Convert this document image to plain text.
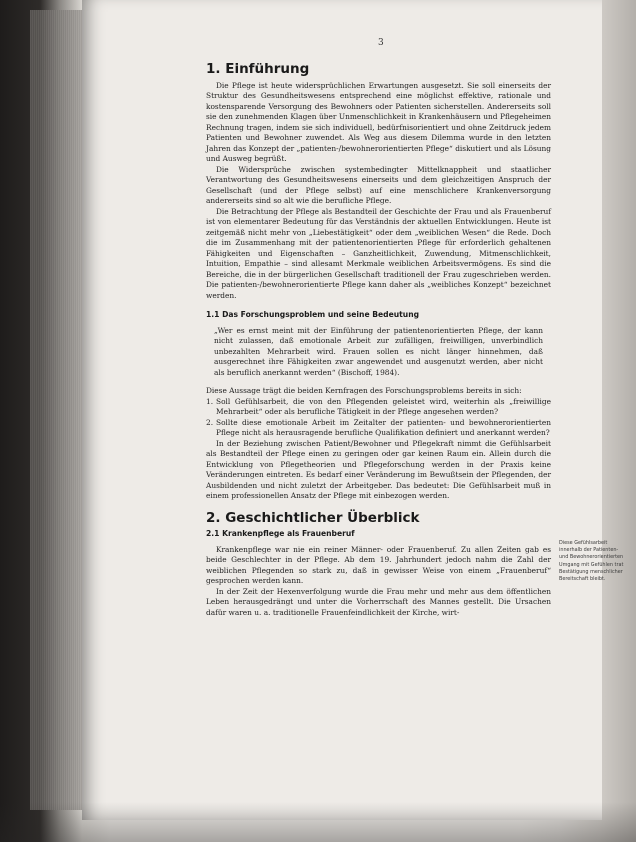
3
1. Einführung

Die Pflege ist heute widersprüchlichen Erwartungen ausgesetzt. Sie soll einerseits der Struktur des Gesundheitswesens entsprechend eine möglichst effektive, rationale und kostensparende Versorgung des Bewohners oder Patienten sicherstellen. Andererseits soll sie den zunehmenden Klagen über Unmenschlichkeit in Krankenhäusern und Pflegeheimen Rechnung tragen, indem sie sich individuell, bedürfnisorientiert und ohne Zeitdruck jedem Patienten und Bewohner zuwendet. Als Weg aus diesem Dilemma wurde in den letzten Jahren das Konzept der „patienten-/bewohnerorientierten Pflege“ diskutiert und als Lösung und Ausweg begrüßt.

Die Widersprüche zwischen systembedingter Mittelknappheit und staatlicher Verantwortung des Gesundheitswesens einerseits und dem gleichzeitigen Anspruch der Gesellschaft (und der Pflege selbst) auf eine menschlichere Krankenversorgung andererseits sind so alt wie die berufliche Pflege.

Die Betrachtung der Pflege als Bestandteil der Geschichte der Frau und als Frauenberuf ist von elementarer Bedeutung für das Verständnis der aktuellen Entwicklungen. Heute ist zeitgemäß nicht mehr von „Liebestätigkeit“ oder dem „weiblichen Wesen“ die Rede. Doch die im Zusammenhang mit der patientenorientierten Pflege für erforderlich gehaltenen Fähigkeiten und Eigenschaften – Ganzheitlichkeit, Zuwendung, Mitmenschlichkeit, Intuition, Empathie – sind allesamt Merkmale weiblichen Arbeitsvermögens. Es sind die Bereiche, die in der bürgerlichen Gesellschaft traditionell der Frau zugeschrieben werden. Die patienten-/bewohnerorientierte Pflege kann daher als „weibliches Konzept“ bezeichnet werden.

1.1 Das Forschungsproblem und seine Bedeutung
„Wer es ernst meint mit der Einführung der patientenorientierten Pflege, der kann nicht zulassen, daß emotionale Arbeit zur zufälligen, freiwilligen, unverbindlich unbezahlten Mehrarbeit wird. Frauen sollen es nicht länger hinnehmen, daß ausgerechnet ihre Fähigkeiten zwar angewendet und ausgenutzt werden, aber nicht als beruflich anerkannt werden“ (Bischoff, 1984).

Diese Aussage trägt die beiden Kernfragen des Forschungsproblems bereits in sich:

1. Soll Gefühlsarbeit, die von den Pflegenden geleistet wird, weiterhin als „freiwillige Mehrarbeit“ oder als berufliche Tätigkeit in der Pflege angesehen werden?
2. Sollte diese emotionale Arbeit im Zeitalter der patienten- und bewohnerorientierten Pflege nicht als herausragende berufliche Qualifikation definiert und anerkannt werden?

In der Beziehung zwischen Patient/Bewohner und Pflegekraft nimmt die Gefühlsarbeit als Bestandteil der Pflege einen zu geringen oder gar keinen Raum ein. Allein durch die Entwicklung von Pflegetheorien und Pflegeforschung werden in der Praxis keine Veränderungen eintreten. Es bedarf einer Veränderung im Bewußtsein der Pflegenden, der Ausbildenden und nicht zuletzt der Arbeitgeber. Das bedeutet: Die Gefühlsarbeit muß in einem professionellen Ansatz der Pflege mit einbezogen werden.

2. Geschichtlicher Überblick
2.1 Krankenpflege als Frauenberuf

Krankenpflege war nie ein reiner Männer- oder Frauenberuf. Zu allen Zeiten gab es beide Geschlechter in der Pflege. Ab dem 19. Jahrhundert jedoch nahm die Zahl der weiblichen Pflegenden so stark zu, daß in gewisser Weise von einem „Frauenberuf“ gesprochen werden kann.

In der Zeit der Hexenverfolgung wurde die Frau mehr und mehr aus dem öffentlichen Leben herausgedrängt und unter die Vorherrschaft des Mannes gestellt. Die Ursachen dafür waren u. a. traditionelle Frauenfeindlichkeit der Kirche, wirt-

Diese Gefühlsarbeit innerhalb der Patienten- und Bewohnerorientierten Umgang mit Gefühlen trat Bestätigung menschlicher Bereitschaft bleibt.
